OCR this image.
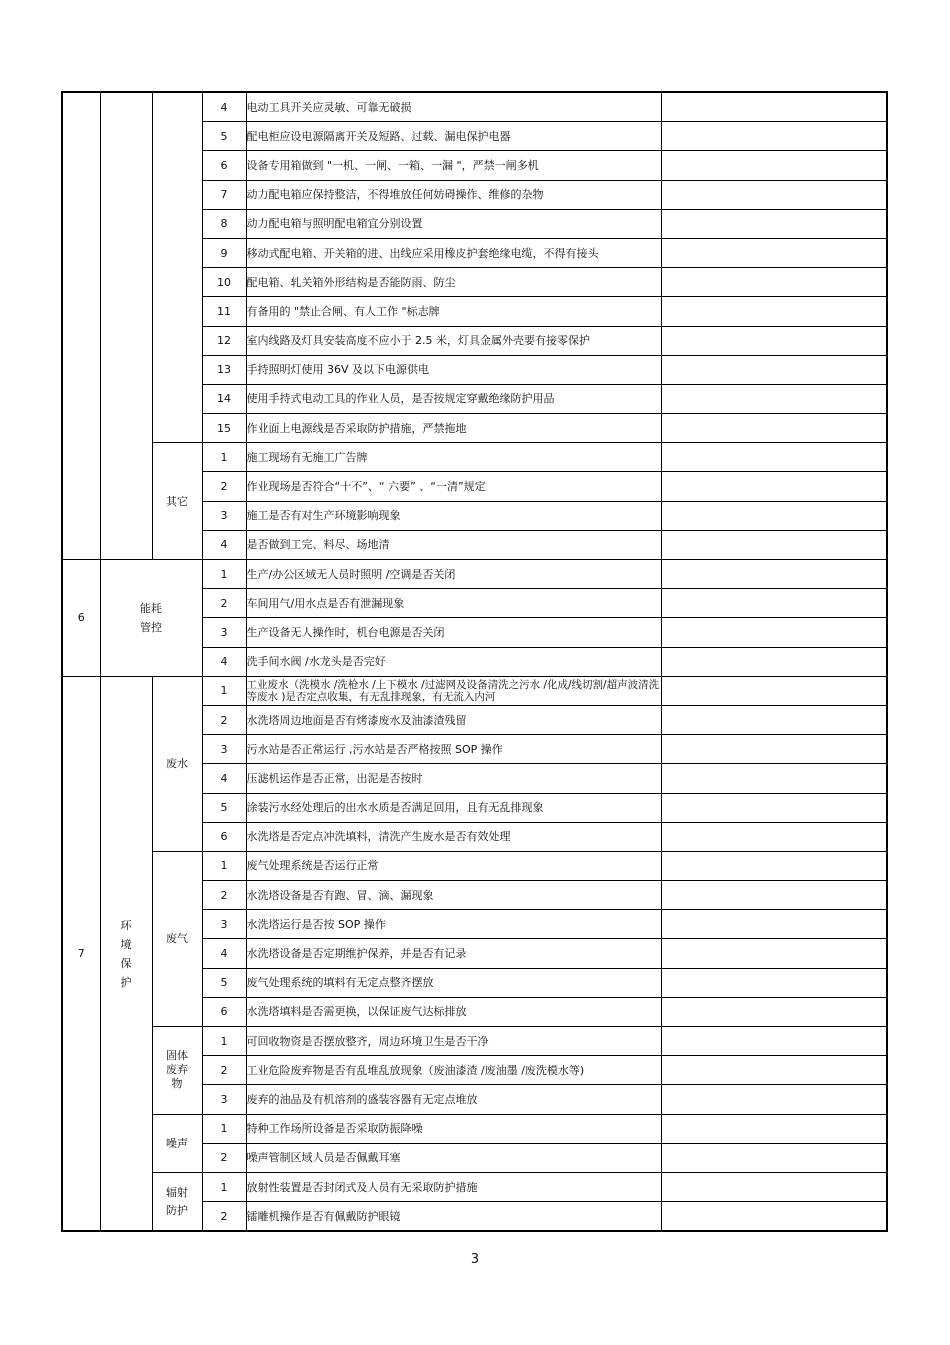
			4	电动工具开关应灵敏、可靠无破损	
			5	配电柜应设电源隔离开关及短路、过载、漏电保护电器	
			6	设备专用箱做到 "一机、一闸、一箱、一漏 "，严禁一闸多机	
			7	动力配电箱应保持整洁，不得堆放任何妨碍操作、维修的杂物	
			8	动力配电箱与照明配电箱宜分别设置	
			9	移动式配电箱、开关箱的进、出线应采用橡皮护套绝缘电缆，不得有接头	
			10	配电箱、轧关箱外形结构是否能防雨、防尘	
			11	有备用的 "禁止合闸、有人工作 "标志牌	
			12	室内线路及灯具安装高度不应小于 2.5 米，灯具金属外壳要有接零保护	
			13	手持照明灯使用 36V 及以下电源供电	
			14	使用手持式电动工具的作业人员，是否按规定穿戴绝缘防护用品	
			15	作业面上电源线是否采取防护措施，严禁拖地	
		其它	1	施工现场有无施工广告牌	
			2	作业现场是否符合“十不”、“ 六要” 、“一清”规定	
			3	施工是否有对生产环境影响现象	
			4	是否做到工完、料尽、场地清	
6	能耗管控		1	生产/办公区域无人员时照明 /空调是否关闭	
			2	车间用气/用水点是否有泄漏现象	
			3	生产设备无人操作时，机台电源是否关闭	
			4	洗手间水阀 /水龙头是否完好	
7	环境保护	废水	1	工业废水（洗模水 /洗枪水 /上下模水 /过滤网及设备清洗之污水 /化成/线切割/超声波清洗等废水 )是否定点收集，有无乱排现象，有无流入内河	
			2	水洗塔周边地面是否有烤漆废水及油漆渣残留	
			3	污水站是否正常运行 ,污水站是否严格按照 SOP 操作	
			4	压滤机运作是否正常，出泥是否按时	
			5	涂装污水经处理后的出水水质是否满足回用，且有无乱排现象	
			6	水洗塔是否定点冲洗填料，清洗产生废水是否有效处理	
		废气	1	废气处理系统是否运行正常	
			2	水洗塔设备是否有跑、冒、滴、漏现象	
			3	水洗塔运行是否按 SOP 操作	
			4	水洗塔设备是否定期维护保养，并是否有记录	
			5	废气处理系统的填料有无定点整齐摆放	
			6	水洗塔填料是否需更换，以保证废气达标排放	
		固体废弃物	1	可回收物资是否摆放整齐，周边环境卫生是否干净	
			2	工业危险废弃物是否有乱堆乱放现象（废油漆渣 /废油墨 /废洗模水等)	
			3	废弃的油品及有机溶剂的盛装容器有无定点堆放	
		噪声	1	特种工作场所设备是否采取防振降噪	
			2	噪声管制区域人员是否佩戴耳塞	
		辐射防护	1	放射性装置是否封闭式及人员有无采取防护措施	
			2	镭雕机操作是否有佩戴防护眼镜	
3
